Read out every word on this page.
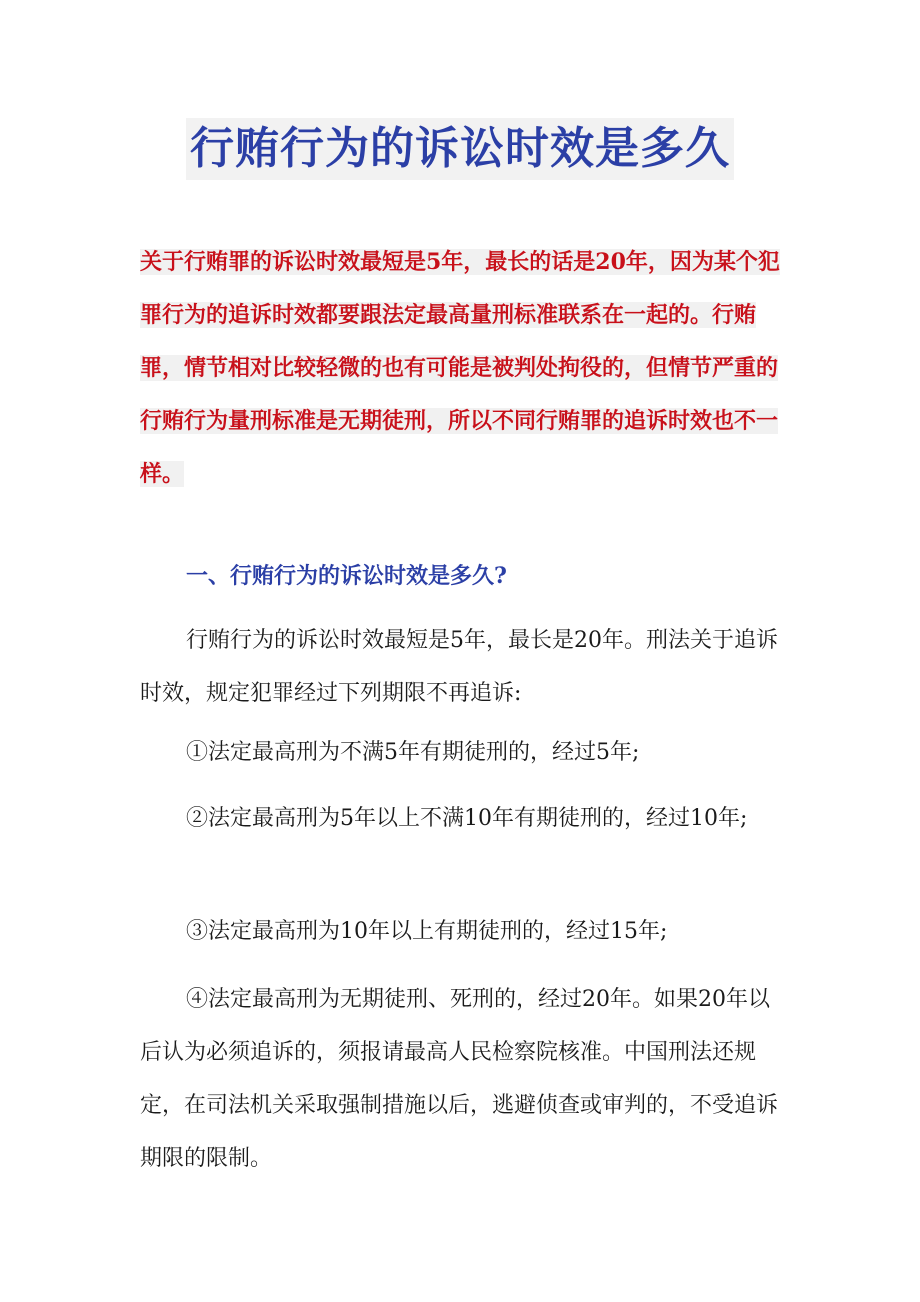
行贿行为的诉讼时效是多久
关于行贿罪的诉讼时效最短是5年，最长的话是20年，因为某个犯罪行为的追诉时效都要跟法定最高量刑标准联系在一起的。行贿罪，情节相对比较轻微的也有可能是被判处拘役的，但情节严重的行贿行为量刑标准是无期徒刑，所以不同行贿罪的追诉时效也不一样。
一、行贿行为的诉讼时效是多久?

行贿行为的诉讼时效最短是5年，最长是20年。刑法关于追诉时效，规定犯罪经过下列期限不再追诉:

①法定最高刑为不满5年有期徒刑的，经过5年;

②法定最高刑为5年以上不满10年有期徒刑的，经过10年;

③法定最高刑为10年以上有期徒刑的，经过15年;

④法定最高刑为无期徒刑、死刑的，经过20年。如果20年以后认为必须追诉的，须报请最高人民检察院核准。中国刑法还规定，在司法机关采取强制措施以后，逃避侦查或审判的，不受追诉期限的限制。
